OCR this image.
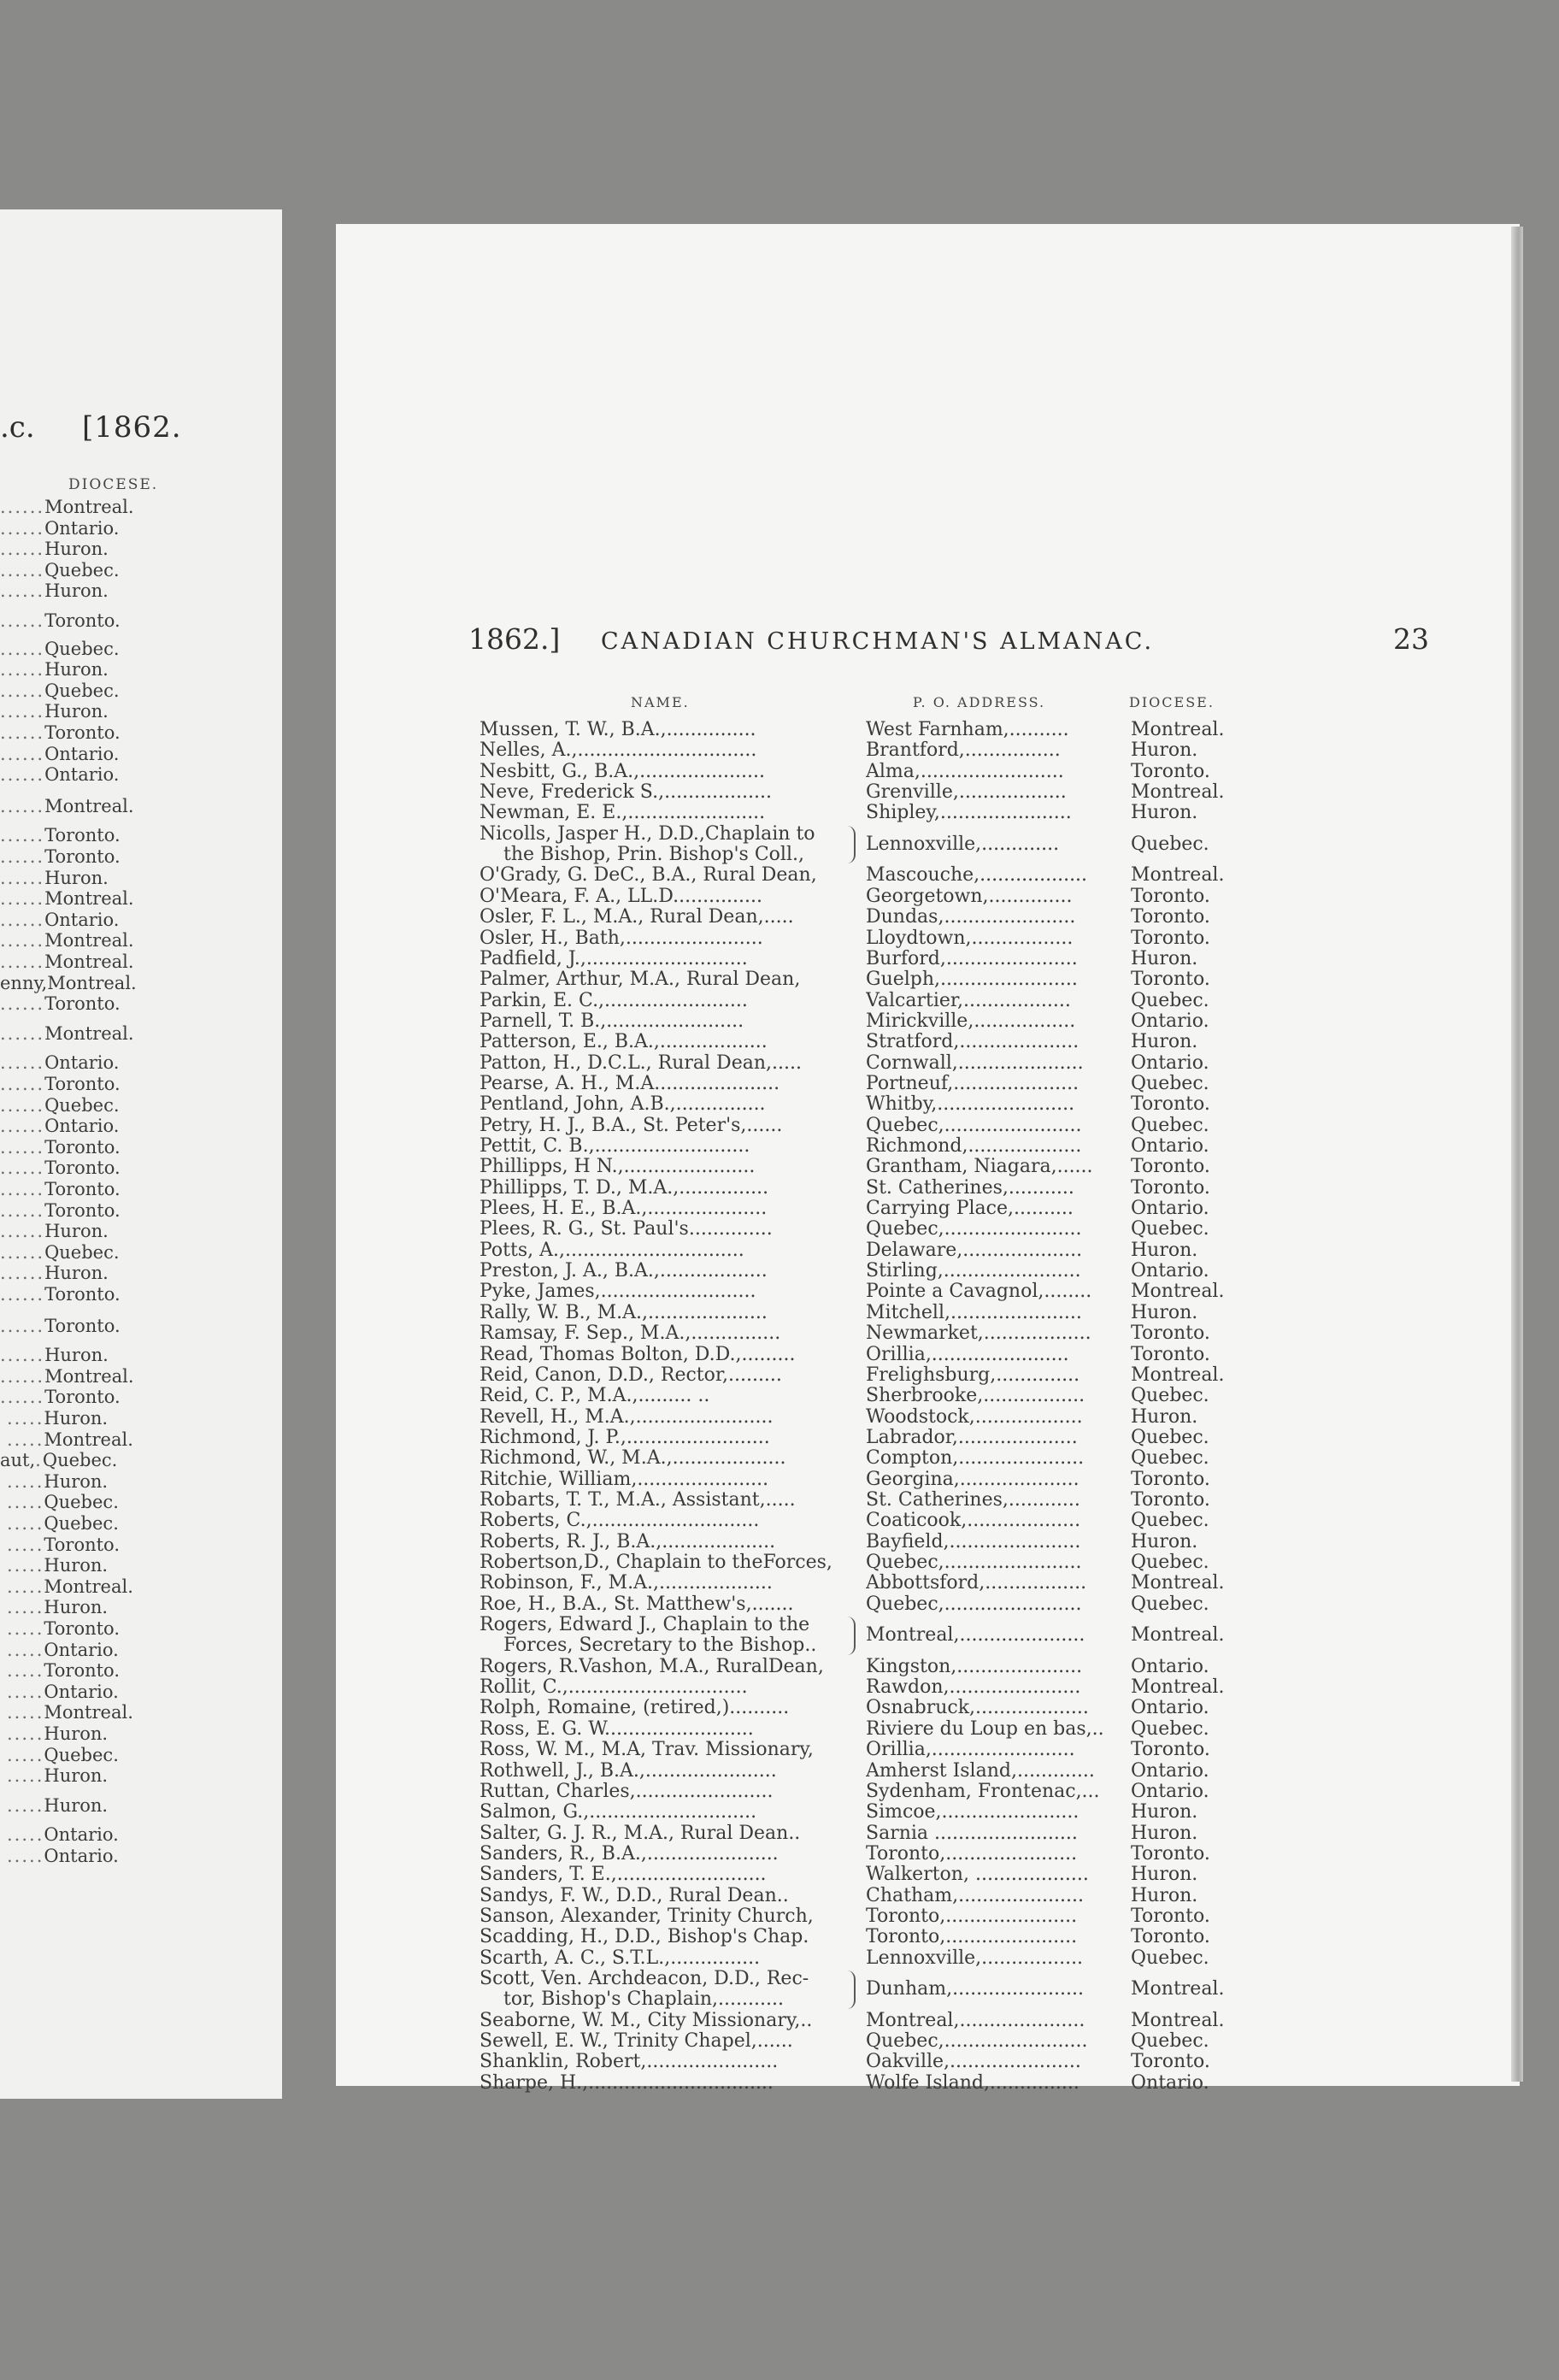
.c. [1862.
DIOCESE.
......Montreal.
......Ontario.
......Huron.
......Quebec.
......Huron.
......Toronto.
......Quebec.
......Huron.
......Quebec.
......Huron.
......Toronto.
......Ontario.
......Ontario.
......Montreal.
......Toronto.
......Toronto.
......Huron.
......Montreal.
......Ontario.
......Montreal.
......Montreal.
enny,Montreal.
......Toronto.
......Montreal.
......Ontario.
......Toronto.
......Quebec.
......Ontario.
......Toronto.
......Toronto.
......Toronto.
......Toronto.
......Huron.
......Quebec.
......Huron.
......Toronto.
......Toronto.
......Huron.
......Montreal.
......Toronto.
.....Huron.
.....Montreal.
aut,.Quebec.
.....Huron.
.....Quebec.
.....Quebec.
.....Toronto.
.....Huron.
.....Montreal.
.....Huron.
.....Toronto.
.....Ontario.
.....Toronto.
.....Ontario.
.....Montreal.
.....Huron.
.....Quebec.
.....Huron.
.....Huron.
.....Ontario.
.....Ontario.
1862.] CANADIAN CHURCHMAN'S ALMANAC.	23
NAME.	P. O. ADDRESS.	DIOCESE.
Mussen, T. W., B.A.,...............	West Farnham,..........	Montreal.
Nelles, A.,..............................	Brantford,................	Huron.
Nesbitt, G., B.A.,.....................	Alma,........................	Toronto.
Neve, Frederick S.,..................	Grenville,..................	Montreal.
Newman, E. E.,.......................	Shipley,......................	Huron.
Nicolls, Jasper H., D.D.,Chaplain to
the Bishop, Prin. Bishop's Coll.,	Lennoxville,.............	Quebec.
O'Grady, G. DeC., B.A., Rural Dean,	Mascouche,..................	Montreal.
O'Meara, F. A., LL.D...............	Georgetown,..............	Toronto.
Osler, F. L., M.A., Rural Dean,.....	Dundas,......................	Toronto.
Osler, H., Bath,.......................	Lloydtown,.................	Toronto.
Padfield, J.,...........................	Burford,......................	Huron.
Palmer, Arthur, M.A., Rural Dean,	Guelph,.......................	Toronto.
Parkin, E. C.,........................	Valcartier,..................	Quebec.
Parnell, T. B.,.......................	Mirickville,.................	Ontario.
Patterson, E., B.A.,..................	Stratford,....................	Huron.
Patton, H., D.C.L., Rural Dean,.....	Cornwall,.....................	Ontario.
Pearse, A. H., M.A.....................	Portneuf,.....................	Quebec.
Pentland, John, A.B.,...............	Whitby,.......................	Toronto.
Petry, H. J., B.A., St. Peter's,......	Quebec,.......................	Quebec.
Pettit, C. B.,..........................	Richmond,...................	Ontario.
Phillipps, H N.,......................	Grantham, Niagara,......	Toronto.
Phillipps, T. D., M.A.,...............	St. Catherines,...........	Toronto.
Plees, H. E., B.A.,....................	Carrying Place,..........	Ontario.
Plees, R. G., St. Paul's..............	Quebec,.......................	Quebec.
Potts, A.,..............................	Delaware,....................	Huron.
Preston, J. A., B.A.,..................	Stirling,.......................	Ontario.
Pyke, James,..........................	Pointe a Cavagnol,........	Montreal.
Rally, W. B., M.A.,....................	Mitchell,......................	Huron.
Ramsay, F. Sep., M.A.,...............	Newmarket,..................	Toronto.
Read, Thomas Bolton, D.D.,.........	Orillia,.......................	Toronto.
Reid, Canon, D.D., Rector,.........	Frelighsburg,..............	Montreal.
Reid, C. P., M.A.,......... ..	Sherbrooke,.................	Quebec.
Revell, H., M.A.,.......................	Woodstock,..................	Huron.
Richmond, J. P.,........................	Labrador,....................	Quebec.
Richmond, W., M.A.,...................	Compton,.....................	Quebec.
Ritchie, William,......................	Georgina,....................	Toronto.
Robarts, T. T., M.A., Assistant,.....	St. Catherines,............	Toronto.
Roberts, C.,............................	Coaticook,...................	Quebec.
Roberts, R. J., B.A.,...................	Bayfield,......................	Huron.
Robertson,D., Chaplain to theForces,	Quebec,.......................	Quebec.
Robinson, F., M.A.,...................	Abbottsford,.................	Montreal.
Roe, H., B.A., St. Matthew's,.......	Quebec,.......................	Quebec.
Rogers, Edward J., Chaplain to the
Forces, Secretary to the Bishop..	Montreal,.....................	Montreal.
Rogers, R.Vashon, M.A., RuralDean,	Kingston,.....................	Ontario.
Rollit, C.,..............................	Rawdon,......................	Montreal.
Rolph, Romaine, (retired,)..........	Osnabruck,...................	Ontario.
Ross, E. G. W.........................	Riviere du Loup en bas,..	Quebec.
Ross, W. M., M.A, Trav. Missionary,	Orillia,........................	Toronto.
Rothwell, J., B.A.,......................	Amherst Island,.............	Ontario.
Ruttan, Charles,.......................	Sydenham, Frontenac,...	Ontario.
Salmon, G.,............................	Simcoe,.......................	Huron.
Salter, G. J. R., M.A., Rural Dean..	Sarnia ........................	Huron.
Sanders, R., B.A.,......................	Toronto,......................	Toronto.
Sanders, T. E.,.........................	Walkerton, ...................	Huron.
Sandys, F. W., D.D., Rural Dean..	Chatham,.....................	Huron.
Sanson, Alexander, Trinity Church,	Toronto,......................	Toronto.
Scadding, H., D.D., Bishop's Chap.	Toronto,......................	Toronto.
Scarth, A. C., S.T.L.,...............	Lennoxville,.................	Quebec.
Scott, Ven. Archdeacon, D.D., Rec-
tor, Bishop's Chaplain,...........	Dunham,......................	Montreal.
Seaborne, W. M., City Missionary,..	Montreal,.....................	Montreal.
Sewell, E. W., Trinity Chapel,......	Quebec,........................	Quebec.
Shanklin, Robert,......................	Oakville,......................	Toronto.
Sharpe, H.,...............................	Wolfe Island,...............	Ontario.
